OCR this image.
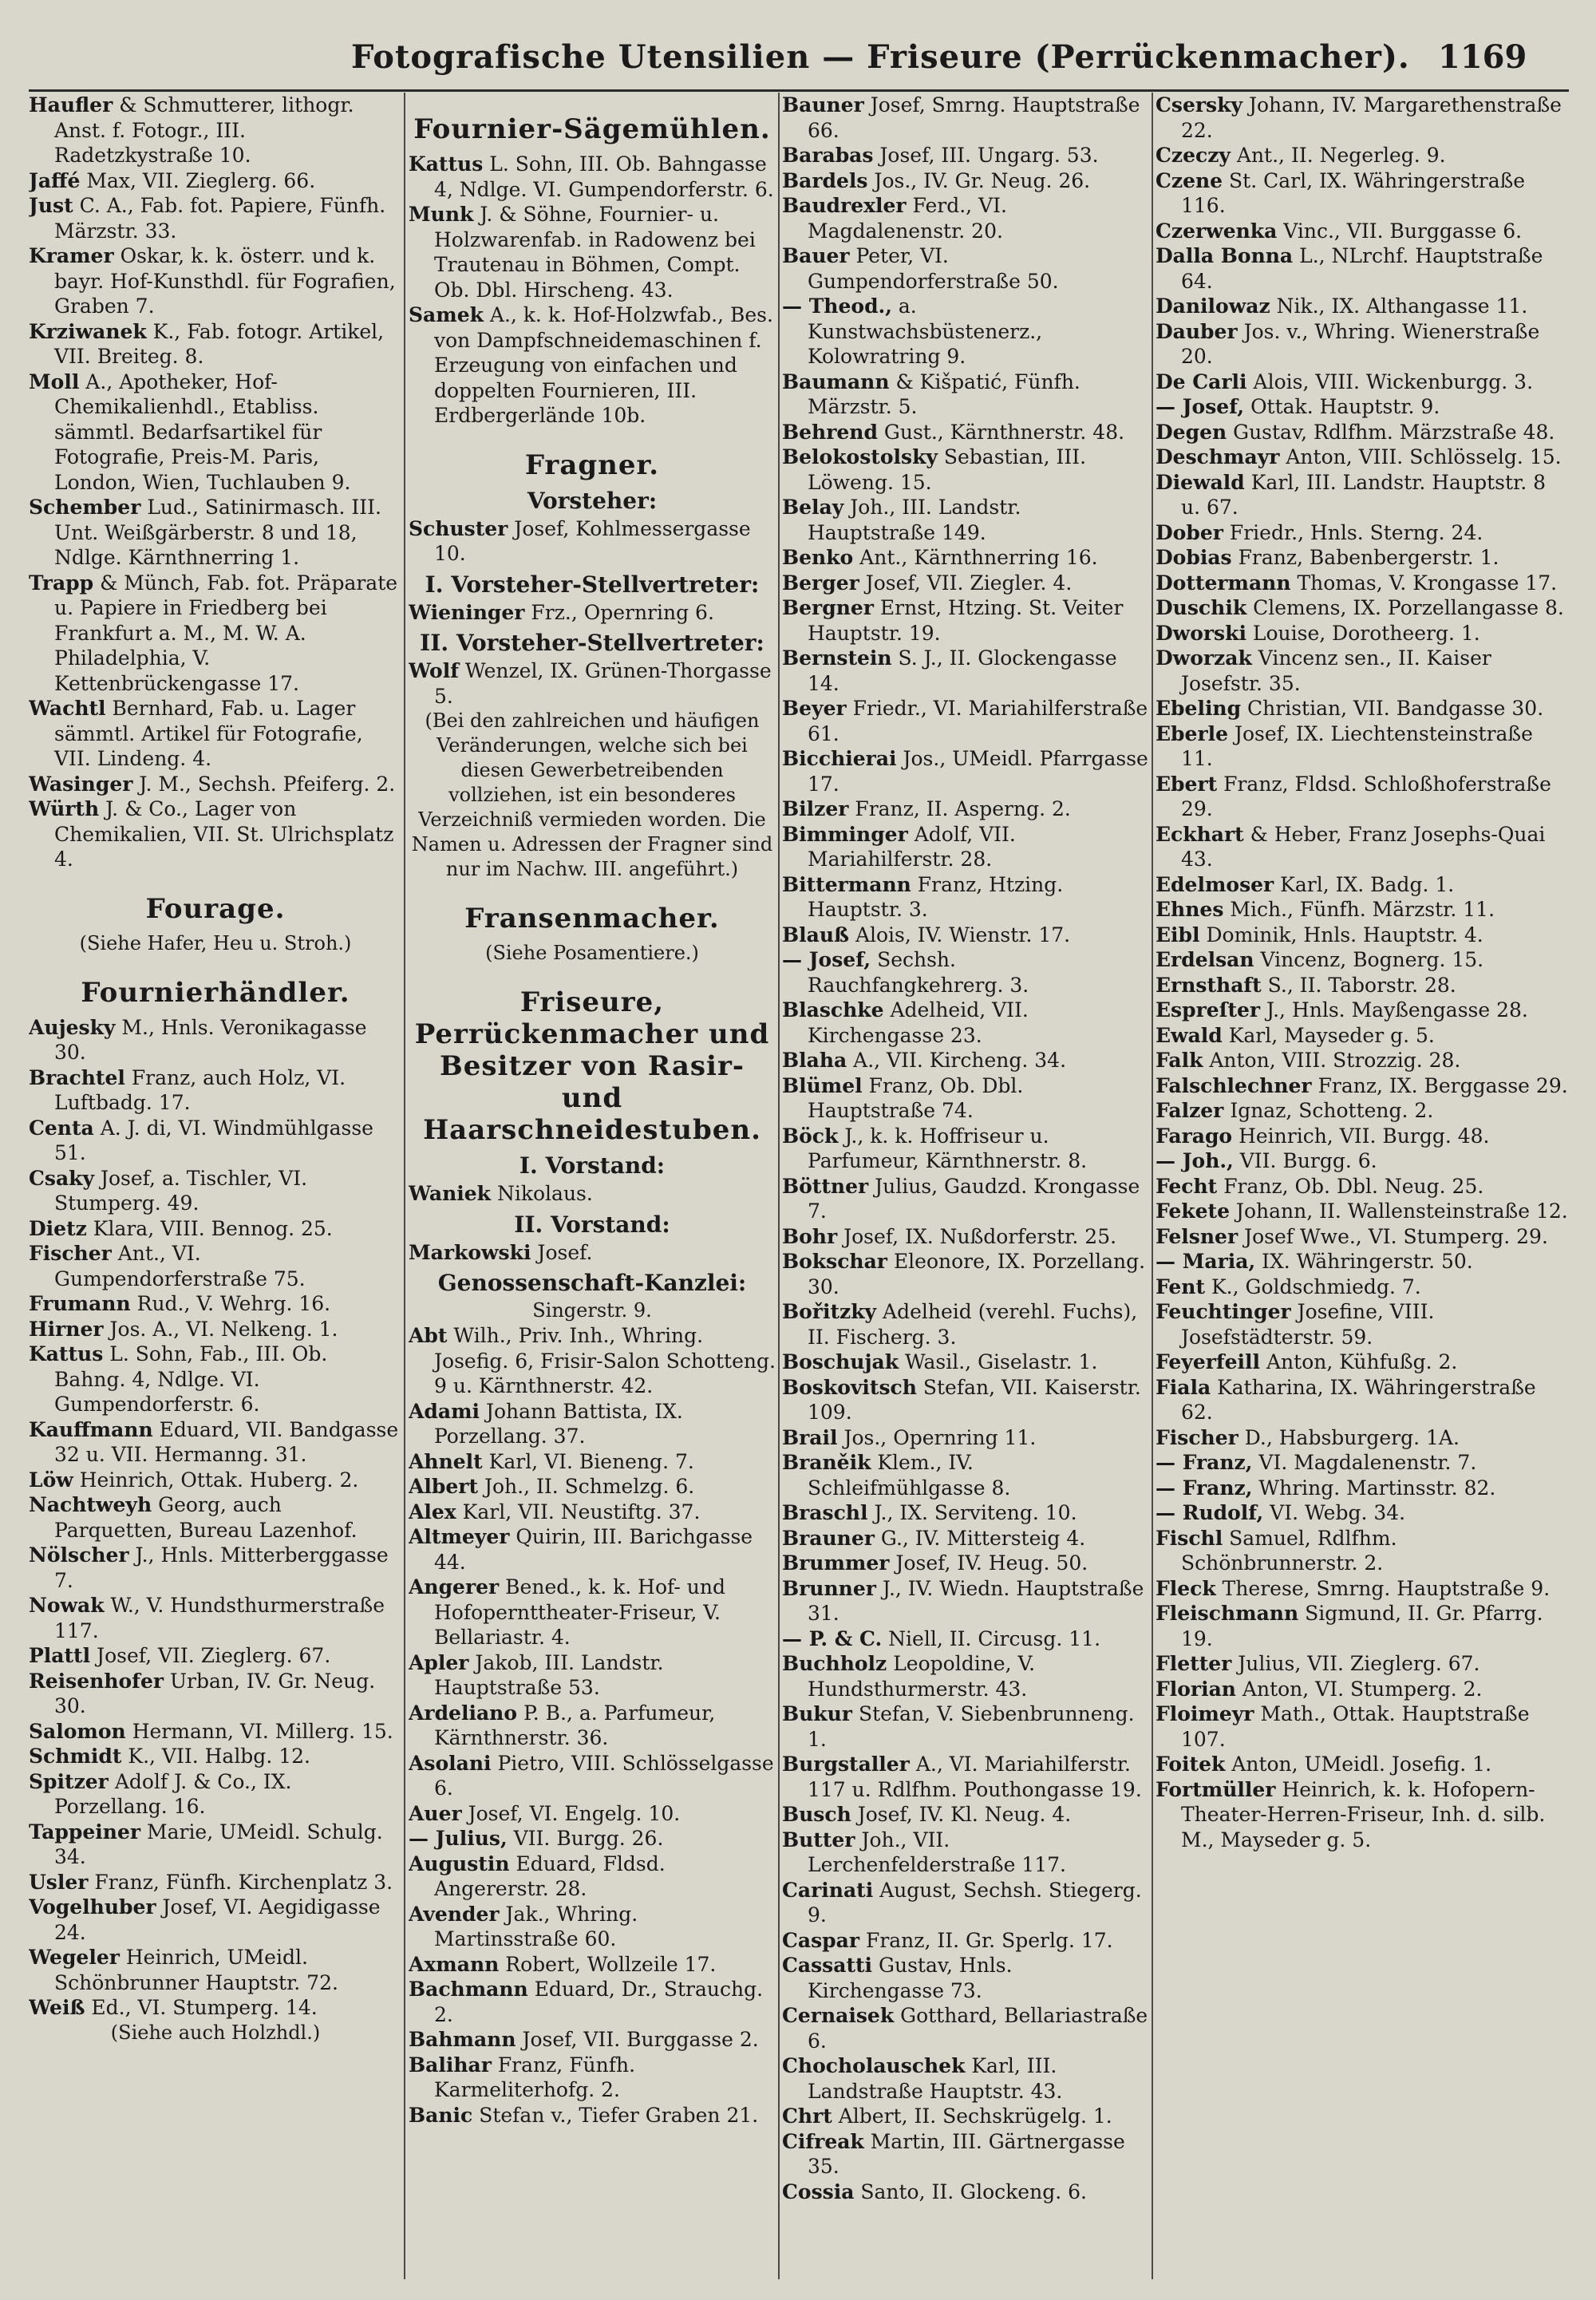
Fotografische Utensilien — Friseure (Perrückenmacher). 1169

Haufler & Schmutterer, lithogr. Anst. f. Fotogr., III. Radetzkystraße 10.

Jaffé Max, VII. Zieglerg. 66.

Just C. A., Fab. fot. Papiere, Fünfh. Märzstr. 33.

Kramer Oskar, k. k. österr. und k. bayr. Hof-Kunsthdl. für Fografien, Graben 7.

Krziwanek K., Fab. fotogr. Artikel, VII. Breiteg. 8.

Moll A., Apotheker, Hof-Chemikalienhdl., Etabliss. sämmtl. Bedarfsartikel für Fotografie, Preis-M. Paris, London, Wien, Tuchlauben 9.

Schember Lud., Satinirmasch. III. Unt. Weißgärberstr. 8 und 18, Ndlge. Kärnthnerring 1.

Trapp & Münch, Fab. fot. Präparate u. Papiere in Friedberg bei Frankfurt a. M., M. W. A. Philadelphia, V. Kettenbrückengasse 17.

Wachtl Bernhard, Fab. u. Lager sämmtl. Artikel für Fotografie, VII. Lindeng. 4.

Wasinger J. M., Sechsh. Pfeiferg. 2.

Würth J. & Co., Lager von Chemikalien, VII. St. Ulrichsplatz 4.

Fourage.

(Siehe Hafer, Heu u. Stroh.)

Fournierhändler.

Aujesky M., Hnls. Veronikagasse 30.

Brachtel Franz, auch Holz, VI. Luftbadg. 17.

Centa A. J. di, VI. Windmühlgasse 51.

Csaky Josef, a. Tischler, VI. Stumperg. 49.

Dietz Klara, VIII. Bennog. 25.

Fischer Ant., VI. Gumpendorferstraße 75.

Frumann Rud., V. Wehrg. 16.

Hirner Jos. A., VI. Nelkeng. 1.

Kattus L. Sohn, Fab., III. Ob. Bahng. 4, Ndlge. VI. Gumpendorferstr. 6.

Kauffmann Eduard, VII. Bandgasse 32 u. VII. Hermanng. 31.

Löw Heinrich, Ottak. Huberg. 2.

Nachtweyh Georg, auch Parquetten, Bureau Lazenhof.

Nölscher J., Hnls. Mitterberggasse 7.

Nowak W., V. Hundsthurmerstraße 117.

Plattl Josef, VII. Zieglerg. 67.

Reisenhofer Urban, IV. Gr. Neug. 30.

Salomon Hermann, VI. Millerg. 15.

Schmidt K., VII. Halbg. 12.

Spitzer Adolf J. & Co., IX. Porzellang. 16.

Tappeiner Marie, UMeidl. Schulg. 34.

Usler Franz, Fünfh. Kirchenplatz 3.

Vogelhuber Josef, VI. Aegidigasse 24.

Wegeler Heinrich, UMeidl. Schönbrunner Hauptstr. 72.

Weiß Ed., VI. Stumperg. 14.

(Siehe auch Holzhdl.)

Fournier-Sägemühlen.

Kattus L. Sohn, III. Ob. Bahngasse 4, Ndlge. VI. Gumpendorferstr. 6.

Munk J. & Söhne, Fournier- u. Holzwarenfab. in Radowenz bei Trautenau in Böhmen, Compt. Ob. Dbl. Hirscheng. 43.

Samek A., k. k. Hof-Holzwfab., Bes. von Dampfschneidemaschinen f. Erzeugung von einfachen und doppelten Fournieren, III. Erdbergerlände 10b.

Fragner.
Vorsteher:

Schuster Josef, Kohlmessergasse 10.

I. Vorsteher-Stellvertreter:

Wieninger Frz., Opernring 6.

II. Vorsteher-Stellvertreter:

Wolf Wenzel, IX. Grünen-Thorgasse 5.

(Bei den zahlreichen und häufigen Veränderungen, welche sich bei diesen Gewerbetreibenden vollziehen, ist ein besonderes Verzeichniß vermieden worden. Die Namen u. Adressen der Fragner sind nur im Nachw. III. angeführt.)

Fransenmacher.

(Siehe Posamentiere.)

Friseure, Perrückenmacher und Besitzer von Rasir- und Haarschneidestuben.
I. Vorstand:

Waniek Nikolaus.

II. Vorstand:

Markowski Josef.

Genossenschaft-Kanzlei:

Singerstr. 9.

Abt Wilh., Priv. Inh., Whring. Josefig. 6, Frisir-Salon Schotteng. 9 u. Kärnthnerstr. 42.

Adami Johann Battista, IX. Porzellang. 37.

Ahnelt Karl, VI. Bieneng. 7.

Albert Joh., II. Schmelzg. 6.

Alex Karl, VII. Neustiftg. 37.

Altmeyer Quirin, III. Barichgasse 44.

Angerer Bened., k. k. Hof- und Hofopernttheater-Friseur, V. Bellariastr. 4.

Apler Jakob, III. Landstr. Hauptstraße 53.

Ardeliano P. B., a. Parfumeur, Kärnthnerstr. 36.

Asolani Pietro, VIII. Schlösselgasse 6.

Auer Josef, VI. Engelg. 10.

— Julius, VII. Burgg. 26.

Augustin Eduard, Fldsd. Angererstr. 28.

Avender Jak., Whring. Martinsstraße 60.

Axmann Robert, Wollzeile 17.

Bachmann Eduard, Dr., Strauchg. 2.

Bahmann Josef, VII. Burggasse 2.

Balihar Franz, Fünfh. Karmeliterhofg. 2.

Banic Stefan v., Tiefer Graben 21.

Bauner Josef, Smrng. Hauptstraße 66.

Barabas Josef, III. Ungarg. 53.

Bardels Jos., IV. Gr. Neug. 26.

Baudrexler Ferd., VI. Magdalenenstr. 20.

Bauer Peter, VI. Gumpendorferstraße 50.

— Theod., a. Kunstwachsbüstenerz., Kolowratring 9.

Baumann & Kišpatić, Fünfh. Märzstr. 5.

Behrend Gust., Kärnthnerstr. 48.

Belokostolsky Sebastian, III. Löweng. 15.

Belay Joh., III. Landstr. Hauptstraße 149.

Benko Ant., Kärnthnerring 16.

Berger Josef, VII. Ziegler. 4.

Bergner Ernst, Htzing. St. Veiter Hauptstr. 19.

Bernstein S. J., II. Glockengasse 14.

Beyer Friedr., VI. Mariahilferstraße 61.

Bicchierai Jos., UMeidl. Pfarrgasse 17.

Bilzer Franz, II. Asperng. 2.

Bimminger Adolf, VII. Mariahilferstr. 28.

Bittermann Franz, Htzing. Hauptstr. 3.

Blauß Alois, IV. Wienstr. 17.

— Josef, Sechsh. Rauchfangkehrerg. 3.

Blaschke Adelheid, VII. Kirchengasse 23.

Blaha A., VII. Kircheng. 34.

Blümel Franz, Ob. Dbl. Hauptstraße 74.

Böck J., k. k. Hoffriseur u. Parfumeur, Kärnthnerstr. 8.

Böttner Julius, Gaudzd. Krongasse 7.

Bohr Josef, IX. Nußdorferstr. 25.

Bokschar Eleonore, IX. Porzellang. 30.

Bořitzky Adelheid (verehl. Fuchs), II. Fischerg. 3.

Boschujak Wasil., Giselastr. 1.

Boskovitsch Stefan, VII. Kaiserstr. 109.

Brail Jos., Opernring 11.

Braněik Klem., IV. Schleifmühlgasse 8.

Braschl J., IX. Serviteng. 10.

Brauner G., IV. Mittersteig 4.

Brummer Josef, IV. Heug. 50.

Brunner J., IV. Wiedn. Hauptstraße 31.

— P. & C. Niell, II. Circusg. 11.

Buchholz Leopoldine, V. Hundsthurmerstr. 43.

Bukur Stefan, V. Siebenbrunneng. 1.

Burgstaller A., VI. Mariahilferstr. 117 u. Rdlfhm. Pouthongasse 19.

Busch Josef, IV. Kl. Neug. 4.

Butter Joh., VII. Lerchenfelderstraße 117.

Carinati August, Sechsh. Stiegerg. 9.

Caspar Franz, II. Gr. Sperlg. 17.

Cassatti Gustav, Hnls. Kirchengasse 73.

Cernaisek Gotthard, Bellariastraße 6.

Chocholauschek Karl, III. Landstraße Hauptstr. 43.

Chrt Albert, II. Sechskrügelg. 1.

Cifreak Martin, III. Gärtnergasse 35.

Cossia Santo, II. Glockeng. 6.

Csersky Johann, IV. Margarethenstraße 22.

Czeczy Ant., II. Negerleg. 9.

Czene St. Carl, IX. Währingerstraße 116.

Czerwenka Vinc., VII. Burggasse 6.

Dalla Bonna L., NLrchf. Hauptstraße 64.

Danilowaz Nik., IX. Althangasse 11.

Dauber Jos. v., Whring. Wienerstraße 20.

De Carli Alois, VIII. Wickenburgg. 3.

— Josef, Ottak. Hauptstr. 9.

Degen Gustav, Rdlfhm. Märzstraße 48.

Deschmayr Anton, VIII. Schlösselg. 15.

Diewald Karl, III. Landstr. Hauptstr. 8 u. 67.

Dober Friedr., Hnls. Sterng. 24.

Dobias Franz, Babenbergerstr. 1.

Dottermann Thomas, V. Krongasse 17.

Duschik Clemens, IX. Porzellangasse 8.

Dworski Louise, Dorotheerg. 1.

Dworzak Vincenz sen., II. Kaiser Josefstr. 35.

Ebeling Christian, VII. Bandgasse 30.

Eberle Josef, IX. Liechtensteinstraße 11.

Ebert Franz, Fldsd. Schloßhoferstraße 29.

Eckhart & Heber, Franz Josephs-Quai 43.

Edelmoser Karl, IX. Badg. 1.

Ehnes Mich., Fünfh. Märzstr. 11.

Eibl Dominik, Hnls. Hauptstr. 4.

Erdelsan Vincenz, Bognerg. 15.

Ernsthaft S., II. Taborstr. 28.

Espreſter J., Hnls. Mayßengasse 28.

Ewald Karl, Mayseder g. 5.

Falk Anton, VIII. Strozzig. 28.

Falschlechner Franz, IX. Berggasse 29.

Falzer Ignaz, Schotteng. 2.

Farago Heinrich, VII. Burgg. 48.

— Joh., VII. Burgg. 6.

Fecht Franz, Ob. Dbl. Neug. 25.

Fekete Johann, II. Wallensteinstraße 12.

Felsner Josef Wwe., VI. Stumperg. 29.

— Maria, IX. Währingerstr. 50.

Fent K., Goldschmiedg. 7.

Feuchtinger Josefine, VIII. Josefstädterstr. 59.

Feyerfeill Anton, Kühfußg. 2.

Fiala Katharina, IX. Währingerstraße 62.

Fischer D., Habsburgerg. 1A.

— Franz, VI. Magdalenenstr. 7.

— Franz, Whring. Martinsstr. 82.

— Rudolf, VI. Webg. 34.

Fischl Samuel, Rdlfhm. Schönbrunnerstr. 2.

Fleck Therese, Smrng. Hauptstraße 9.

Fleischmann Sigmund, II. Gr. Pfarrg. 19.

Fletter Julius, VII. Zieglerg. 67.

Florian Anton, VI. Stumperg. 2.

Floimeyr Math., Ottak. Hauptstraße 107.

Foitek Anton, UMeidl. Josefig. 1.

Fortmüller Heinrich, k. k. Hofopern-Theater-Herren-Friseur, Inh. d. silb. M., Mayseder g. 5.
